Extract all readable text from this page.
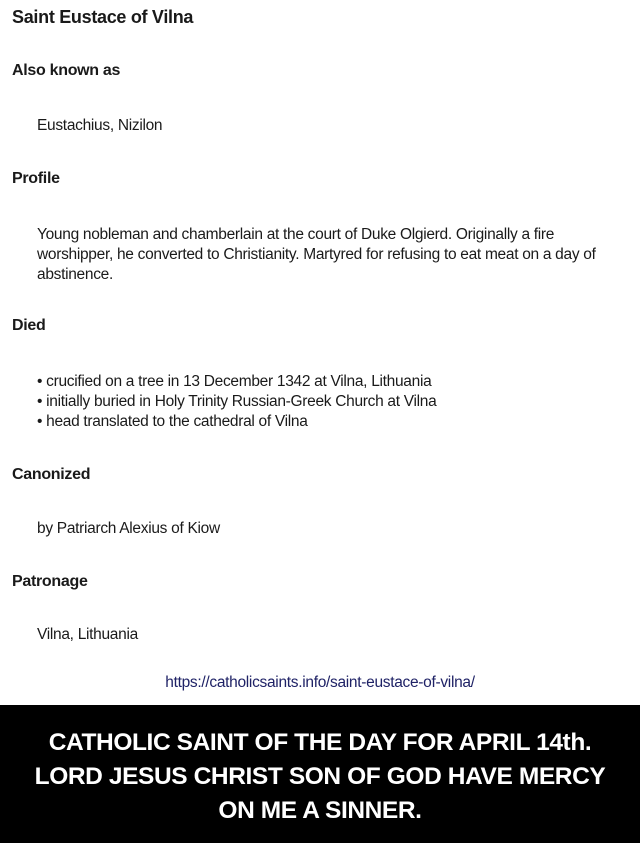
Saint Eustace of Vilna
Also known as
Eustachius, Nizilon
Profile
Young nobleman and chamberlain at the court of Duke Olgierd. Originally a fire worshipper, he converted to Christianity. Martyred for refusing to eat meat on a day of abstinence.
Died
• crucified on a tree in 13 December 1342 at Vilna, Lithuania
• initially buried in Holy Trinity Russian-Greek Church at Vilna
• head translated to the cathedral of Vilna
Canonized
by Patriarch Alexius of Kiow
Patronage
Vilna, Lithuania
https://catholicsaints.info/saint-eustace-of-vilna/
CATHOLIC SAINT OF THE DAY FOR APRIL 14th.
LORD JESUS CHRIST SON OF GOD HAVE MERCY
ON ME A SINNER.
